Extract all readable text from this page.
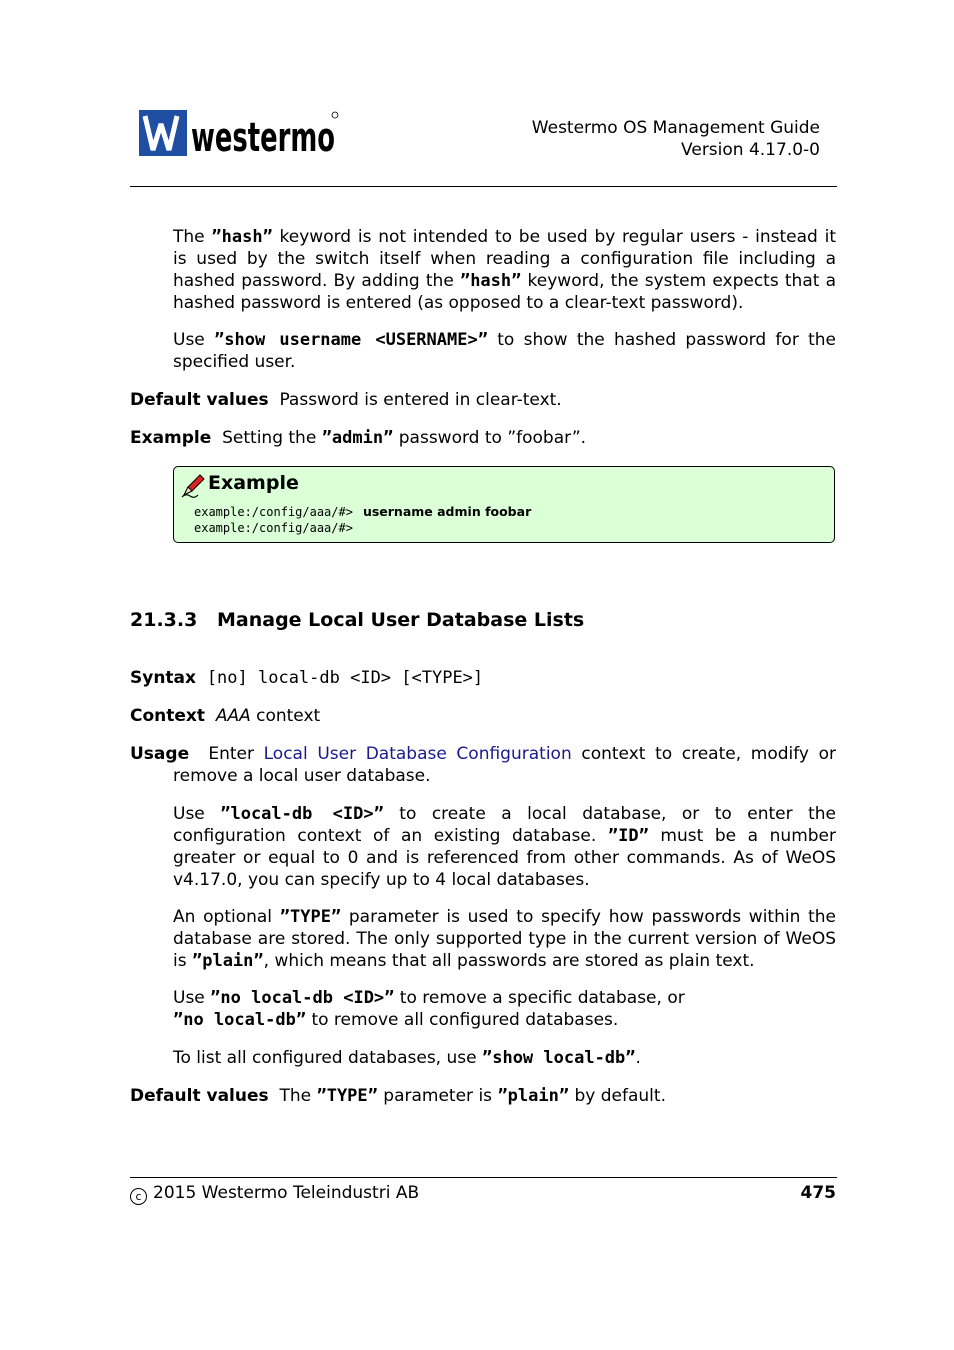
westermo	Westermo OS Management Guide
Version 4.17.0-0
The ”hash” keyword is not intended to be used by regular users - instead it is used by the switch itself when reading a configuration file including a hashed password. By adding the ”hash” keyword, the system expects that a hashed password is entered (as opposed to a clear-text password).
Use ”show username <USERNAME>” to show the hashed password for the specified user.
Default values Password is entered in clear-text.
Example Setting the ”admin” password to ”foobar”.
Example
example:/config/aaa/#> username admin foobar
example:/config/aaa/#>
21.3.3 Manage Local User Database Lists
Syntax [no] local-db <ID> [<TYPE>]
Context AAA context
Usage Enter Local User Database Configuration context to create, modify or remove a local user database.
Use ”local-db <ID>” to create a local database, or to enter the configuration context of an existing database. ”ID” must be a number greater or equal to 0 and is referenced from other commands. As of WeOS v4.17.0, you can specify up to 4 local databases.
An optional ”TYPE” parameter is used to specify how passwords within the database are stored. The only supported type in the current version of WeOS is ”plain”, which means that all passwords are stored as plain text.
Use ”no local-db <ID>” to remove a specific database, or
”no local-db” to remove all configured databases.
To list all configured databases, use ”show local-db”.
Default values The ”TYPE” parameter is ”plain” by default.
c 2015 Westermo Teleindustri AB	475
